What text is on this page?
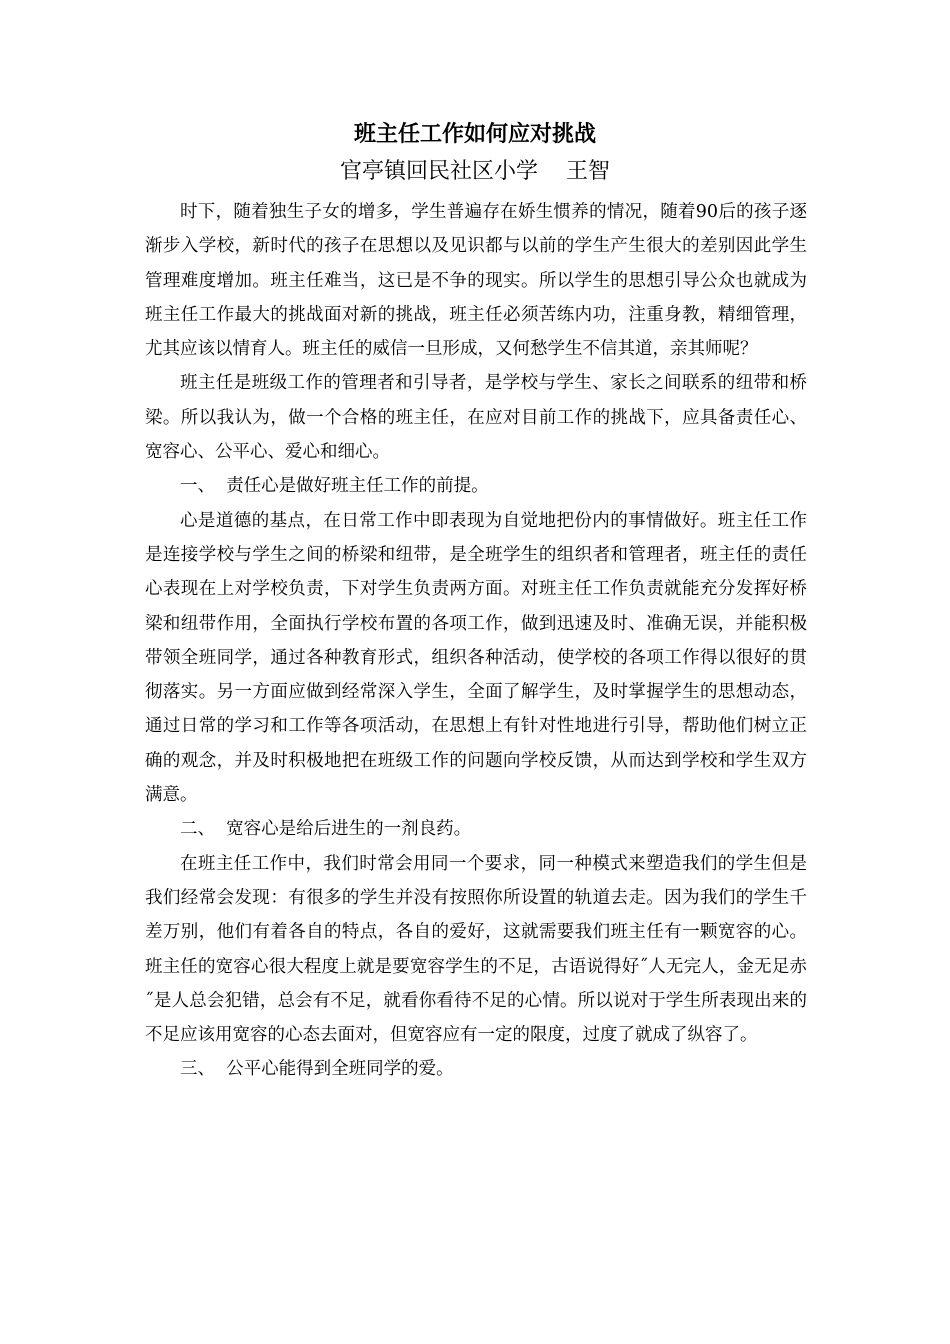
班主任工作如何应对挑战
官亭镇回民社区小学    王智

时下，随着独生子女的增多，学生普遍存在娇生惯养的情况，随着90后的孩子逐渐步入学校，新时代的孩子在思想以及见识都与以前的学生产生很大的差别因此学生管理难度增加。班主任难当，这已是不争的现实。所以学生的思想引导公众也就成为班主任工作最大的挑战面对新的挑战，班主任必须苦练内功，注重身教，精细管理，尤其应该以情育人。班主任的威信一旦形成，又何愁学生不信其道，亲其师呢？

班主任是班级工作的管理者和引导者，是学校与学生、家长之间联系的纽带和桥梁。所以我认为，做一个合格的班主任，在应对目前工作的挑战下，应具备责任心、宽容心、公平心、爱心和细心。

一、  责任心是做好班主任工作的前提。

心是道德的基点，在日常工作中即表现为自觉地把份内的事情做好。班主任工作是连接学校与学生之间的桥梁和纽带，是全班学生的组织者和管理者，班主任的责任心表现在上对学校负责，下对学生负责两方面。对班主任工作负责就能充分发挥好桥梁和纽带作用，全面执行学校布置的各项工作，做到迅速及时、准确无误，并能积极带领全班同学，通过各种教育形式，组织各种活动，使学校的各项工作得以很好的贯彻落实。另一方面应做到经常深入学生，全面了解学生，及时掌握学生的思想动态，通过日常的学习和工作等各项活动，在思想上有针对性地进行引导，帮助他们树立正确的观念，并及时积极地把在班级工作的问题向学校反馈，从而达到学校和学生双方满意。

二、  宽容心是给后进生的一剂良药。

在班主任工作中，我们时常会用同一个要求，同一种模式来塑造我们的学生但是我们经常会发现：有很多的学生并没有按照你所设置的轨道去走。因为我们的学生千差万别，他们有着各自的特点，各自的爱好，这就需要我们班主任有一颗宽容的心。班主任的宽容心很大程度上就是要宽容学生的不足，古语说得好˝人无完人，金无足赤˝是人总会犯错，总会有不足，就看你看待不足的心情。所以说对于学生所表现出来的不足应该用宽容的心态去面对，但宽容应有一定的限度，过度了就成了纵容了。

三、  公平心能得到全班同学的爱。
